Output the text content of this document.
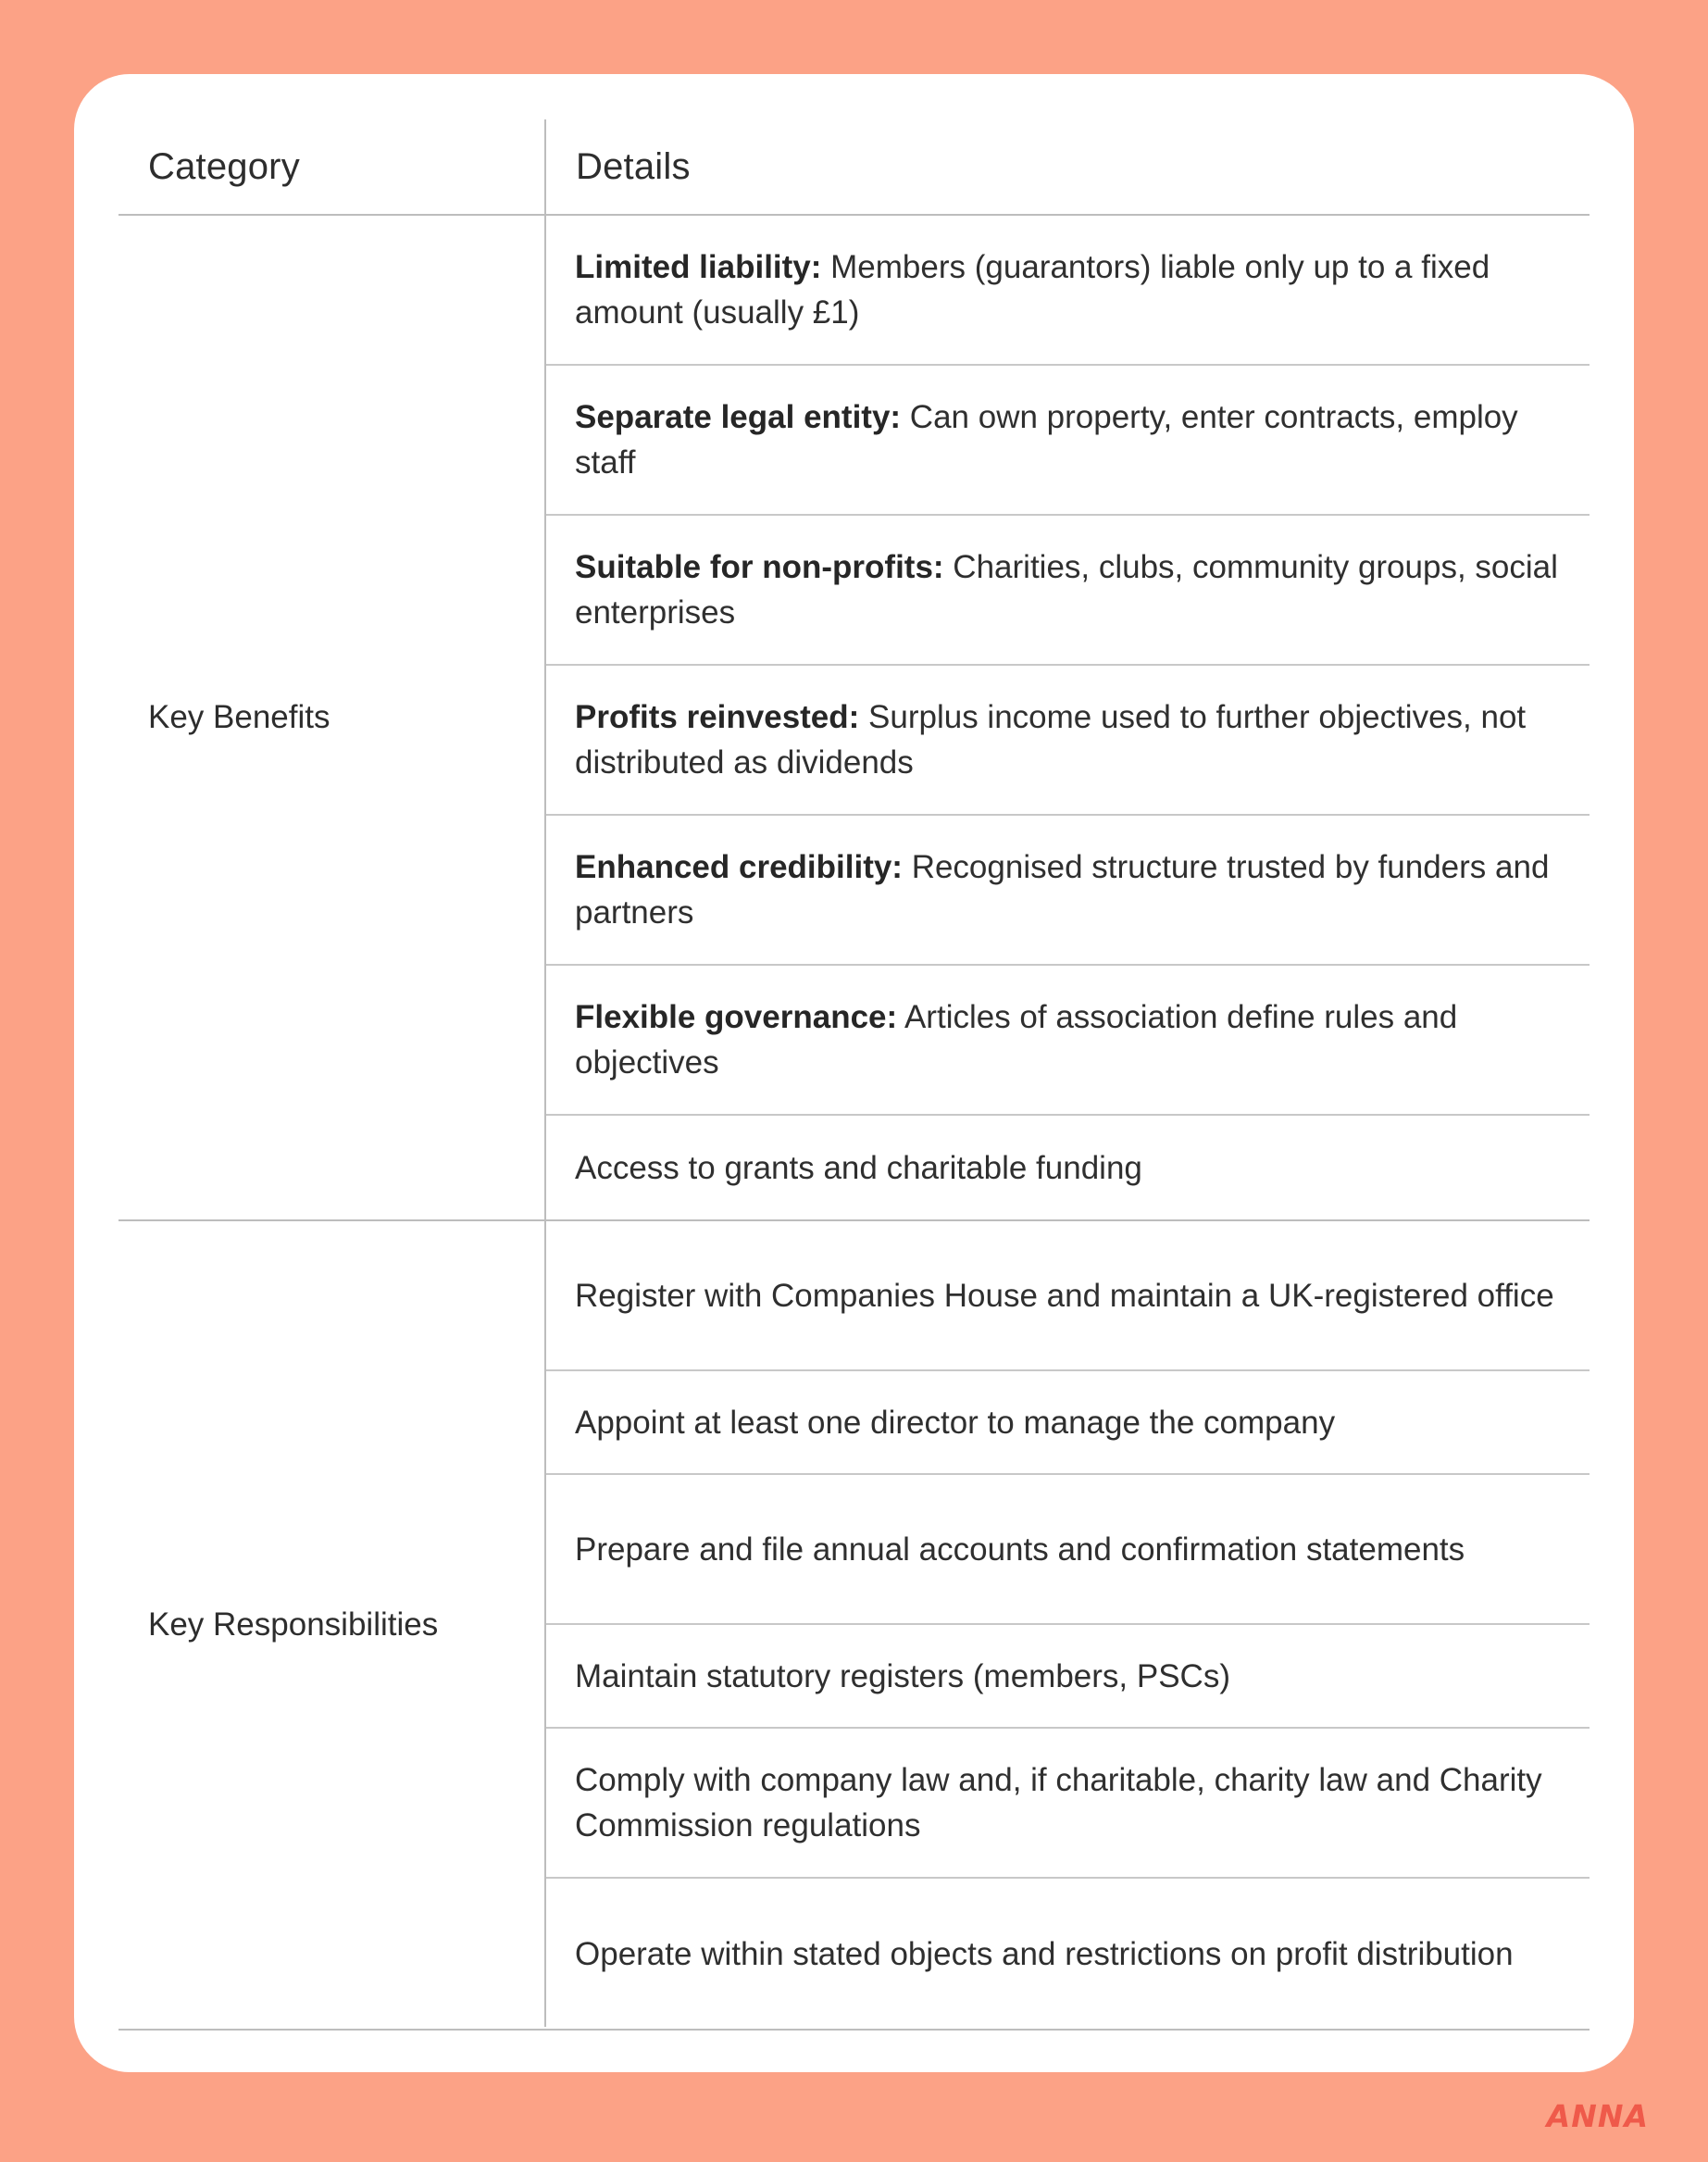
Category	Details
Key Benefits
Limited liability: Members (guarantors) liable only up to a fixed amount (usually £1)
Separate legal entity: Can own property, enter contracts, employ staff
Suitable for non-profits: Charities, clubs, community groups, social enterprises
Profits reinvested: Surplus income used to further objectives, not distributed as dividends
Enhanced credibility: Recognised structure trusted by funders and partners
Flexible governance: Articles of association define rules and objectives
Access to grants and charitable funding
Key Responsibilities
Register with Companies House and maintain a UK-registered office
Appoint at least one director to manage the company
Prepare and file annual accounts and confirmation statements
Maintain statutory registers (members, PSCs)
Comply with company law and, if charitable, charity law and Charity Commission regulations
Operate within stated objects and restrictions on profit distribution
ANNA
